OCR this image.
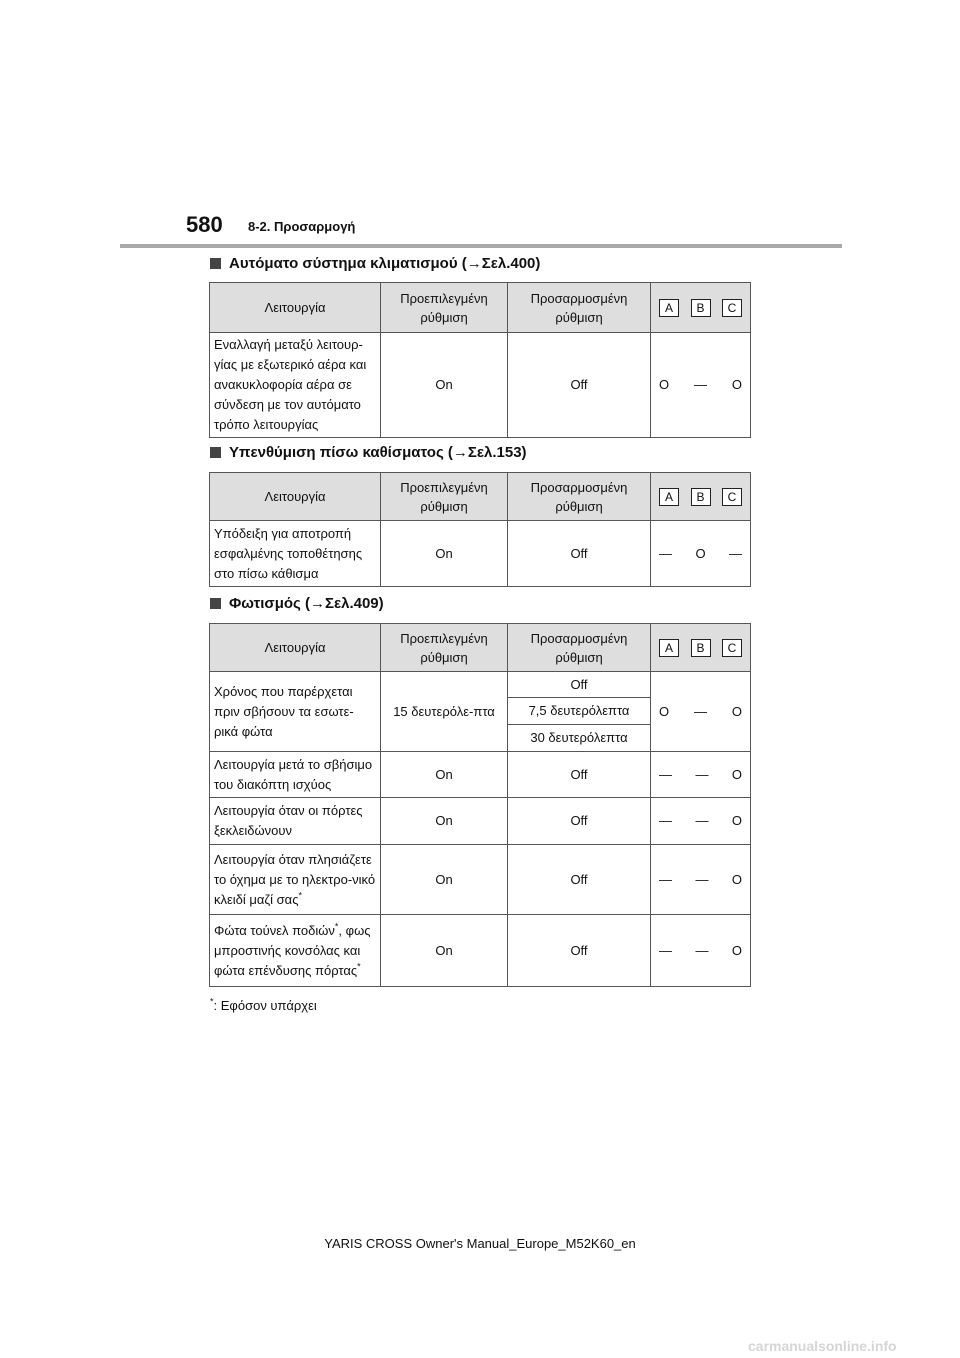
580 8-2. Προσαρμογή
Αυτόματο σύστημα κλιματισμού (→Σελ.400)
Λειτουργία	Προεπιλεγμένη ρύθμιση	Προσαρμοσμένη ρύθμιση	A B C

Εναλλαγή μεταξύ λειτουρ-γίας με εξωτερικό αέρα και ανακυκλοφορία αέρα σε σύνδεση με τον αυτόματο τρόπο λειτουργίας	On	Off	O — O
Υπενθύμιση πίσω καθίσματος (→Σελ.153)
Λειτουργία	Προεπιλεγμένη ρύθμιση	Προσαρμοσμένη ρύθμιση	A B C

Υπόδειξη για αποτροπή εσφαλμένης τοποθέτησης στο πίσω κάθισμα	On	Off	— O —
Φωτισμός (→Σελ.409)
Λειτουργία	Προεπιλεγμένη ρύθμιση	Προσαρμοσμένη ρύθμιση	A B C

Χρόνος που παρέρχεται πριν σβήσουν τα εσωτε-ρικά φώτα	15 δευτερόλε-πτα	Off	O — O

		7,5 δευτερόλεπτα	
		30 δευτερόλεπτα	
Λειτουργία μετά το σβήσιμο του διακόπτη ισχύος	On	Off	— — O

Λειτουργία όταν οι πόρτες ξεκλειδώνουν	On	Off	— — O

Λειτουργία όταν πλησιάζετε το όχημα με το ηλεκτρο-νικό κλειδί μαζί σας*	On	Off	— — O

Φώτα τούνελ ποδιών*, φως μπροστινής κονσόλας και φώτα επένδυσης πόρτας*	On	Off	— — O
*: Εφόσον υπάρχει
YARIS CROSS Owner's Manual_Europe_M52K60_en
carmanualsonline.info
